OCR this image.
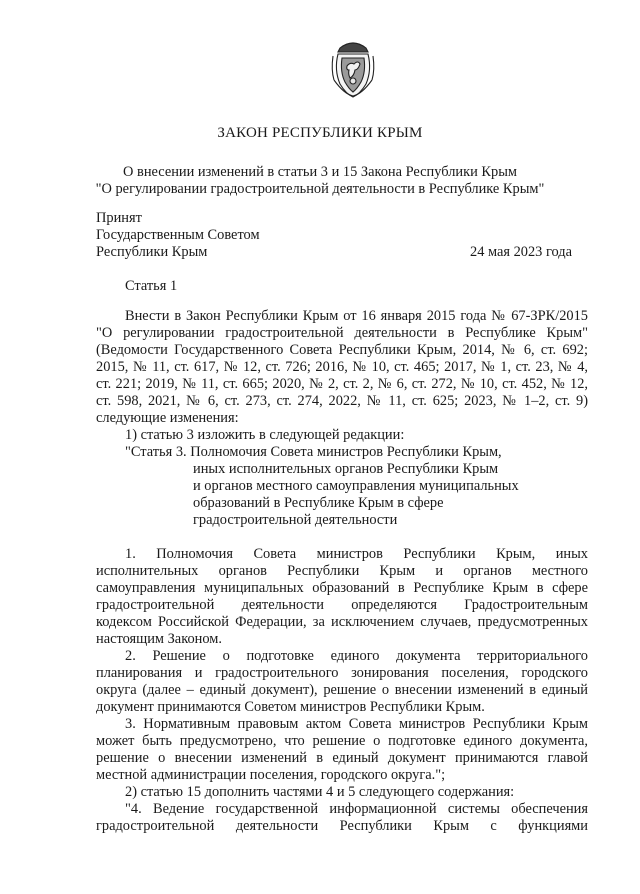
ЗАКОН РЕСПУБЛИКИ КРЫМ
О внесении изменений в статьи 3 и 15 Закона Республики Крым
"О регулировании градостроительной деятельности в Республике Крым"
Принят
Государственным Советом
Республики Крым	24 мая 2023 года
Статья 1
Внести в Закон Республики Крым от 16 января 2015 года № 67-ЗРК/2015
"О регулировании градостроительной деятельности в Республике Крым"
(Ведомости Государственного Совета Республики Крым, 2014, № 6, ст. 692;
2015, № 11, ст. 617, № 12, ст. 726; 2016, № 10, ст. 465; 2017, № 1, ст. 23, № 4,
ст. 221; 2019, № 11, ст. 665; 2020, № 2, ст. 2, № 6, ст. 272, № 10, ст. 452, № 12,
ст. 598, 2021, № 6, ст. 273, ст. 274, 2022, № 11, ст. 625; 2023, № 1–2, ст. 9)
следующие изменения:
1) статью 3 изложить в следующей редакции:
"Статья 3. Полномочия Совета министров Республики Крым,
иных исполнительных органов Республики Крым
и органов местного самоуправления муниципальных
образований в Республике Крым в сфере
градостроительной деятельности
1. Полномочия Совета министров Республики Крым, иных
исполнительных органов Республики Крым и органов местного
самоуправления муниципальных образований в Республике Крым в сфере
градостроительной деятельности определяются Градостроительным
кодексом Российской Федерации, за исключением случаев, предусмотренных
настоящим Законом.
2. Решение о подготовке единого документа территориального
планирования и градостроительного зонирования поселения, городского
округа (далее – единый документ), решение о внесении изменений в единый
документ принимаются Советом министров Республики Крым.
3. Нормативным правовым актом Совета министров Республики Крым
может быть предусмотрено, что решение о подготовке единого документа,
решение о внесении изменений в единый документ принимаются главой
местной администрации поселения, городского округа.";
2) статью 15 дополнить частями 4 и 5 следующего содержания:
"4. Ведение государственной информационной системы обеспечения
градостроительной деятельности Республики Крым с функциями
